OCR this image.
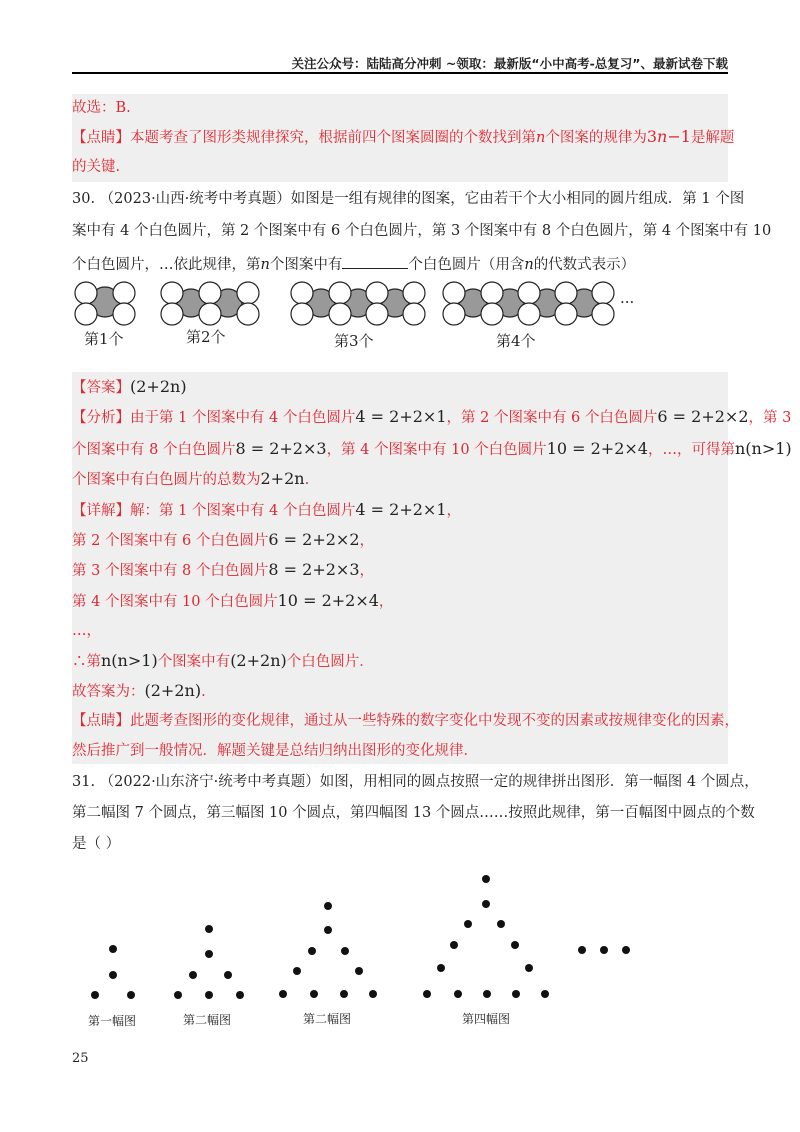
关注公众号：陆陆高分冲刺 ~领取：最新版“小中高考-总复习”、最新试卷下载
故选：B.
【点睛】本题考查了图形类规律探究，根据前四个图案圆圈的个数找到第n个图案的规律为3n−1是解题
的关键.
30. （2023·山西·统考中考真题）如图是一组有规律的图案，它由若干个大小相同的圆片组成．第 1 个图
案中有 4 个白色圆片，第 2 个图案中有 6 个白色圆片，第 3 个图案中有 8 个白色圆片，第 4 个图案中有 10
个白色圆片，…依此规律，第n个图案中有	个白色圆片（用含n的代数式表示）
···
第1个	第2个	第3个	第4个
【答案】(2+2n)
【分析】由于第 1 个图案中有 4 个白色圆片4 = 2+2×1，第 2 个图案中有 6 个白色圆片6 = 2+2×2，第 3
个图案中有 8 个白色圆片8 = 2+2×3，第 4 个图案中有 10 个白色圆片10 = 2+2×4，…，可得第n(n>1)
个图案中有白色圆片的总数为2+2n.
【详解】解：第 1 个图案中有 4 个白色圆片4 = 2+2×1，
第 2 个图案中有 6 个白色圆片6 = 2+2×2，
第 3 个图案中有 8 个白色圆片8 = 2+2×3，
第 4 个图案中有 10 个白色圆片10 = 2+2×4，
…，
∴第n(n>1)个图案中有(2+2n)个白色圆片．
故答案为：(2+2n).
【点睛】此题考查图形的变化规律，通过从一些特殊的数字变化中发现不变的因素或按规律变化的因素，
然后推广到一般情况．解题关键是总结归纳出图形的变化规律．
31. （2022·山东济宁·统考中考真题）如图，用相同的圆点按照一定的规律拼出图形．第一幅图 4 个圆点，
第二幅图 7 个圆点，第三幅图 10 个圆点，第四幅图 13 个圆点……按照此规律，第一百幅图中圆点的个数
是（ ）
第一幅图	第二幅图	第二幅图	第四幅图
25
